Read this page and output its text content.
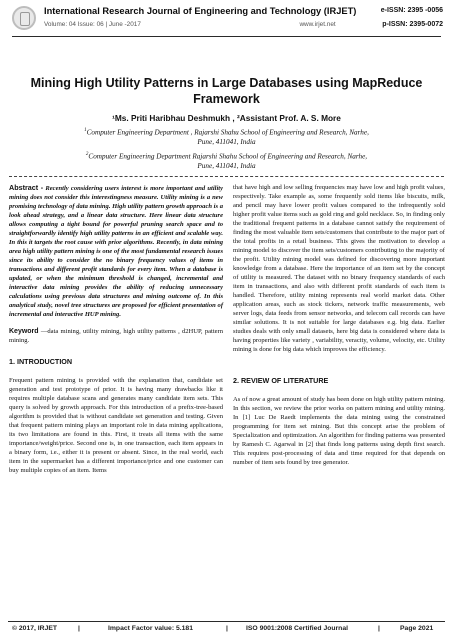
International Research Journal of Engineering and Technology (IRJET)
Volume: 04 Issue: 06 | June -2017	www.irjet.net
e-ISSN: 2395 -0056
p-ISSN: 2395-0072
Mining High Utility Patterns in Large Databases using MapReduce Framework
¹Ms. Priti Haribhau Deshmukh , ²Assistant Prof. A. S. More
$^1$Computer Engineering Department , Rajarshi Shahu School of Engineering and Research, Narhe,
Pune, 411041, India
$^2$Computer Engineering Department Rajarshi Shahu School of Engineering and Research, Narhe,
Pune, 411041, India

Abstract - Recently considering users interest is more important and utility mining does not consider this interestingness measure. Utility mining is a new promising technology of data mining. High utility pattern growth approach is a look ahead strategy, and a linear data structure. Here linear data structure allows computing a tight bound for powerful pruning search space and to straightforwardly identify high utility patterns in an efficient and scalable way. In this it targets the root cause with prior algorithms. Recently, in data mining area high utility pattern mining is one of the most fundamental research issues since its ability to consider the no binary frequency values of items in transactions and different profit standards for every item. When a database is updated, or when the minimum threshold is changed, incremental and interactive data mining provides the ability of reducing unnecessary calculations using previous data structures and mining outcome of. In this analytical study, novel tree structures are proposed for efficient presentation of incremental and interactive HUP mining.

Keyword —data mining, utility mining, high utility patterns , d2HUP, pattern mining.

1. INTRODUCTION

Frequent pattern mining is provided with the explanation that, candidate set generation and test prototype of prior. It is having many drawbacks like it requires multiple database scans and generates many candidate item sets. This query is solved by growth approach. For this introduction of a prefix-tree-based algorithm is provided that is without candidate set generation and testing. Given that frequent pattern mining plays an important role in data mining applications, its two limitations are found in this. First, it treats all items with the same importance/weight/price. Second one is, in one transaction, each item appears in a binary form, i.e., either it is present or absent. Since, in the real world, each item in the supermarket has a different importance/price and one customer can buy multiple copies of an item. Items

that have high and low selling frequencies may have low and high profit values, respectively. Take example as, some frequently sold items like biscuits, milk, and pencil may have lower profit values compared to the infrequently sold higher profit value items such as gold ring and gold necklace. So, in finding only the traditional frequent patterns in a database cannot satisfy the requirement of finding the most valuable item sets/customers that contribute to the major part of the total profits in a retail business. This gives the motivation to develop a mining model to discover the item sets/customers contributing to the majority of the profit. Utility mining model was defined for discovering more important knowledge from a database. Here the importance of an item set by the concept of utility is measured. The dataset with no binary frequency standards of each item in transactions, and also with different profit standards of each item is handled. Therefore, utility mining represents real world market data. Other application areas, such as stock tickers, network traffic measurements, web server logs, data feeds from sensor networks, and telecom call records can have similar solutions. It is not suitable for large databases e.g. big data. Earlier studies deals with only small datasets, here big data is considered where data is having properties like variety , variability, veracity, volume, velocity, etc. Utility mining is done for big data which improves the efficiency.

2. REVIEW OF LITERATURE

As of now a great amount of study has been done on high utility pattern mining. In this section, we review the prior works on pattern mining and utility mining. In [1] Luc De Raedt implements the data mining using the constrained programming for item set mining. But this concept arise the problem of Specialization and optimization. An algorithm for finding patterns was presented by Ramesh C. Agarwal in [2] that finds long patterns using depth first search. This requires post-processing of data and time required for that depends on number of item sets found by tree generator.

© 2017, IRJET	|	Impact Factor value: 5.181	|	ISO 9001:2008 Certified Journal	|	Page 2021
